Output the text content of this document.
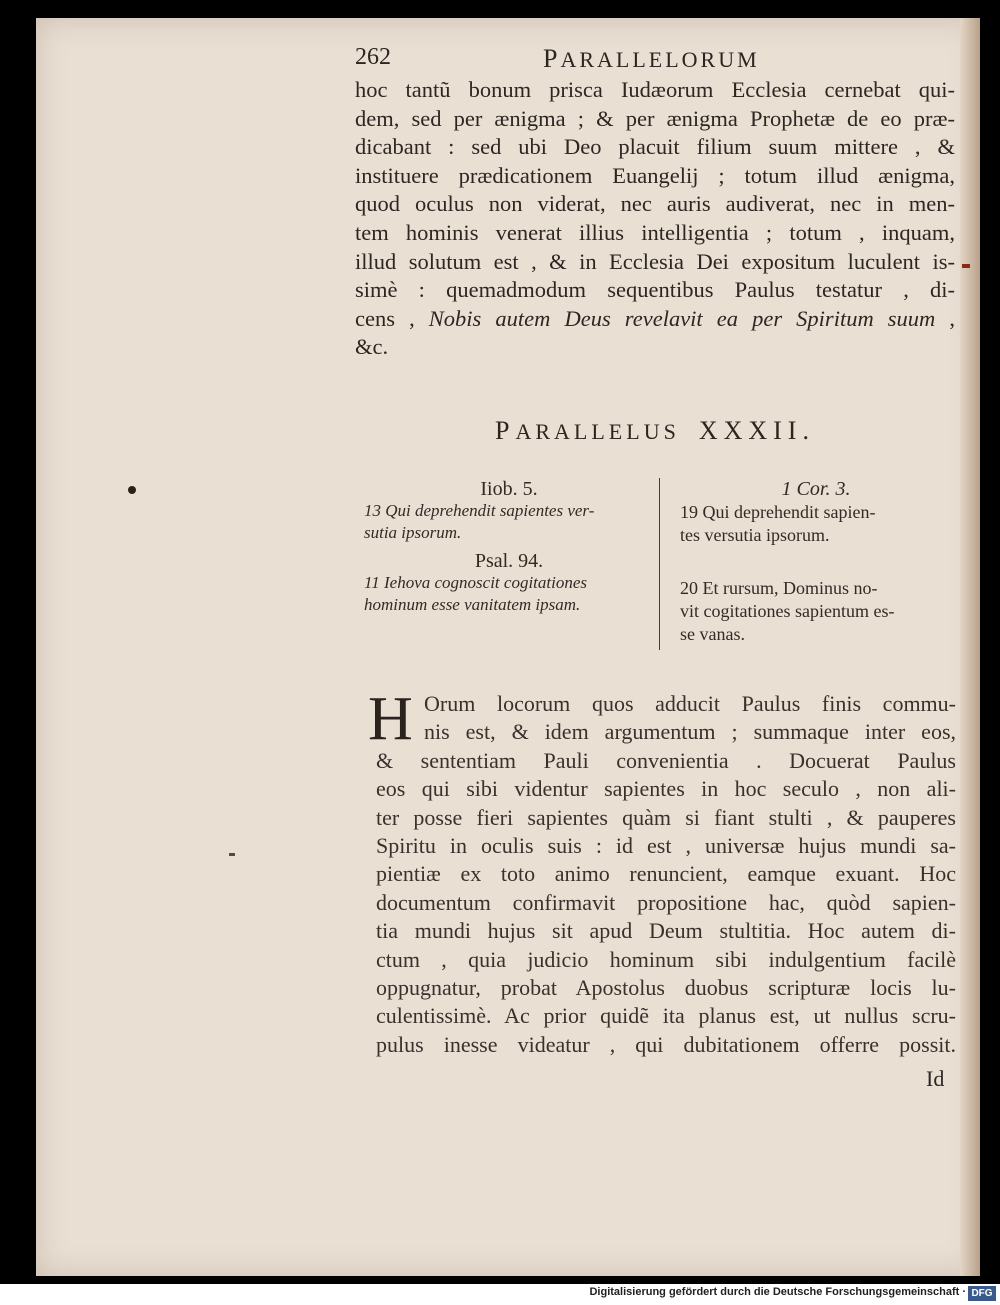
262	PARALLELORUM
hoc tantũ bonum prisca Iudæorum Ecclesia cernebat qui-
dem, sed per ænigma ; & per ænigma Prophetæ de eo præ-
dicabant : sed ubi Deo placuit filium suum mittere , &
instituere prædicationem Euangelij ; totum illud ænigma,
quod oculus non viderat, nec auris audiverat, nec in men-
tem hominis venerat illius intelligentia ; totum , inquam,
illud solutum est , & in Ecclesia Dei expositum luculent is-
simè : quemadmodum sequentibus Paulus testatur , di-
cens , Nobis autem Deus revelavit ea per Spiritum suum ,
&c.
PARALLELUS XXXII.
Iiob. 5.
13 Qui deprehendit sapientes ver-
sutia ipsorum.
Psal. 94.
11 Iehova cognoscit cogitationes
hominum esse vanitatem ipsam.
1 Cor. 3.
19 Qui deprehendit sapien-
tes versutia ipsorum.
20 Et rursum, Dominus no-
vit cogitationes sapientum es-
se vanas.
H Orum locorum quos adducit Paulus finis commu-
nis est, & idem argumentum ; summaque inter eos,
& sententiam Pauli convenientia . Docuerat Paulus
eos qui sibi videntur sapientes in hoc seculo , non ali-
ter posse fieri sapientes quàm si fiant stulti , & pauperes
Spiritu in oculis suis : id est , universæ hujus mundi sa-
pientiæ ex toto animo renuncient, eamque exuant. Hoc
documentum confirmavit propositione hac, quòd sapien-
tia mundi hujus sit apud Deum stultitia. Hoc autem di-
ctum , quia judicio hominum sibi indulgentium facilè
oppugnatur, probat Apostolus duobus scripturæ locis lu-
culentissimè. Ac prior quidẽ ita planus est, ut nullus scru-
pulus inesse videatur , qui dubitationem offerre possit.
Id
Digitalisierung gefördert durch die Deutsche Forschungsgemeinschaft · DFG
